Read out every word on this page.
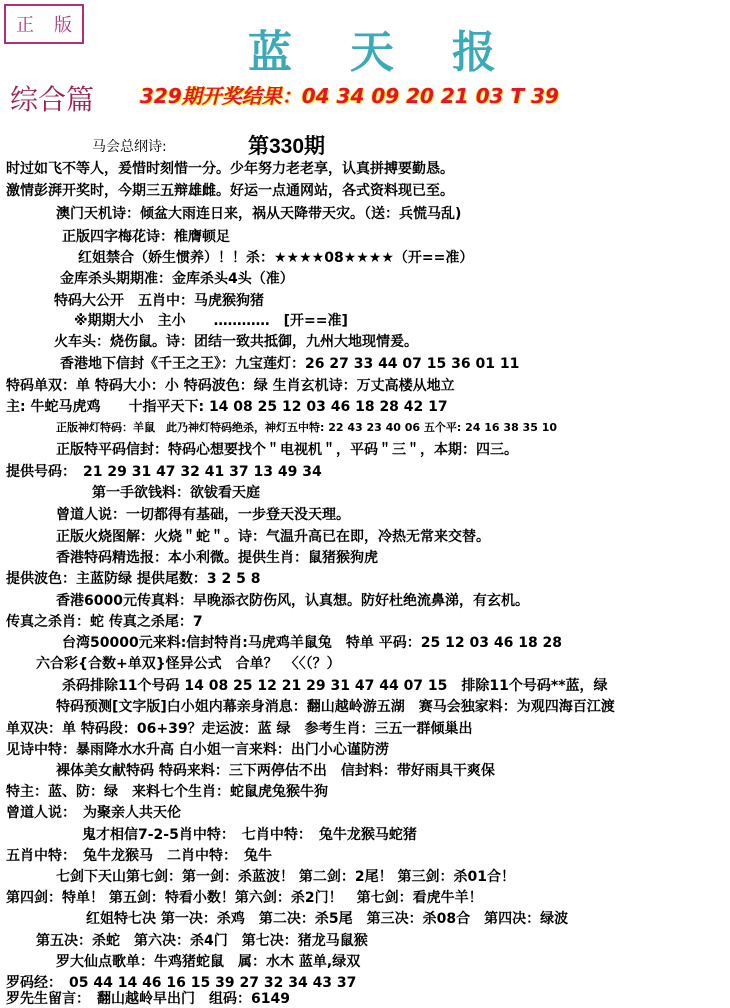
正 版
蓝 天 报
综合篇 329期开奖结果：04 34 09 20 21 03 T 39
第330期
马会总纲诗:
时过如飞不等人，爰惜时刻惜一分。少年努力老老享，认真拼搏要勤恳。
激情彭湃开奖时，今期三五辩雄雌。好运一点通网站，各式资料现已至。
澳门天机诗：倾盆大雨连日来，祸从天降带天灾。（送：兵慌马乱)
正版四字梅花诗：椎膺顿足
红姐禁合（娇生惯养）！！杀：★★★★08★★★★（开==准）
金库杀头期期准：金库杀头4头（准）
特码大公开　五肖中：马虎猴狗猪
※期期大小　主小　　…………　[开==准]
火车头：烧伤鼠。诗：团结一致共抵御，九州大地现情爰。
香港地下信封《千王之王》：九宝莲灯：26 27 33 44 07 15 36 01 11
特码单双：单 特码大小：小 特码波色：绿 生肖玄机诗：万丈高楼从地立
主: 牛蛇马虎鸡　　十指平天下: 14 08 25 12 03 46 18 28 42 17
正版神灯特码：羊鼠　此乃神灯特码绝杀，神灯五中特: 22 43 23 40 06 五个平: 24 16 38 35 10
正版特平码信封：特码心想要找个＂电视机＂，平码＂三＂，本期：四三。
提供号码：　21 29 31 47 32 41 37 13 49 34
第一手欲钱料：欲钹看天庭
曾道人说：一切都得有基础，一步登天没天理。
正版火烧图解：火烧＂蛇＂。诗：气温升高已在即，冷热无常来交替。
香港特码精选报：本小利微。提供生肖：鼠猪猴狗虎
提供波色：主蓝防绿 提供尾数：3 2 5 8
香港6000元传真料：早晚添衣防伤风，认真想。防好杜绝流鼻涕，有玄机。
传真之杀肖：蛇 传真之杀尾：7
台湾50000元来料:信封特肖:马虎鸡羊鼠兔　特单 平码：25 12 03 46 18 28
六合彩{合数+单双}怪异公式　合单？　〈〈（？）
杀码排除11个号码 14 08 25 12 21 29 31 47 44 07 15　排除11个号码**蓝，绿
特码预测[文字版]白小姐内幕亲身消息：翻山越岭游五湖　赛马会独家料：为观四海百江渡
单双决：单 特码段：06+39？走运波：蓝 绿　参考生肖：三五一群倾巢出
见诗中特：暴雨降水水升高 白小姐一言来料：出门小心谨防涝
裸体美女献特码 特码来料：三下两停估不出　信封料：带好雨具干爽保
特主：蓝、防：绿　来料七个生肖：蛇鼠虎兔猴牛狗
曾道人说：　为聚亲人共天伦
鬼才相信7-2-5肖中特：　七肖中特：　兔牛龙猴马蛇猪
五肖中特：　兔牛龙猴马　二肖中特：　兔牛
七剑下天山第七剑：第一剑：杀蓝波！ 第二剑：2尾！ 第三剑：杀01合！
第四剑：特单！ 第五剑：特看小数！第六剑：杀2门！　第七剑：看虎牛羊！
红姐特七决 第一决：杀鸡　第二决：杀5尾　第三决：杀08合　第四决：绿波
第五决：杀蛇　第六决：杀4门　第七决：猪龙马鼠猴
罗大仙点歌单：牛鸡猪蛇鼠　属：水木 蓝单,绿双
罗码经：　05 44 14 46 16 15 39 27 32 34 43 37
罗先生留言：　翻山越岭早出门　组码：6149
